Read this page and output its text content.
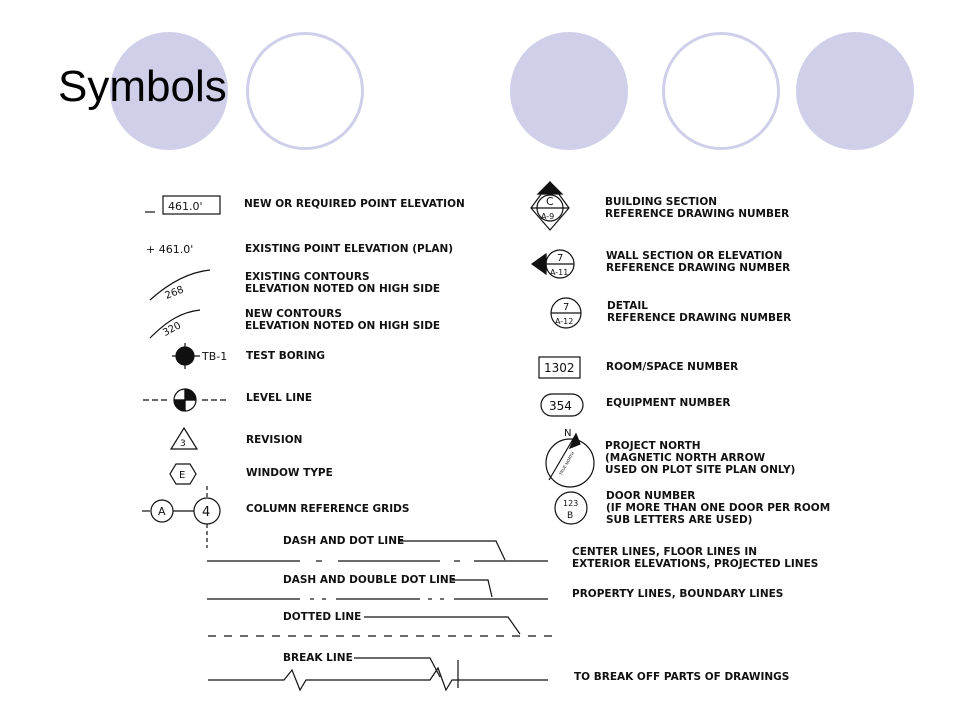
Symbols
461.0'
+ 461.0'
268
320
TB-1
3
E
A	4
C
A-9
7
A-11
7
A-12
1302
354
N
TRUE NORTH
123
B
NEW OR REQUIRED POINT ELEVATION
EXISTING POINT ELEVATION (PLAN)
EXISTING CONTOURS
ELEVATION NOTED ON HIGH SIDE
NEW CONTOURS
ELEVATION NOTED ON HIGH SIDE
TEST BORING
LEVEL LINE
REVISION
WINDOW TYPE
COLUMN REFERENCE GRIDS
BUILDING SECTION
REFERENCE DRAWING NUMBER
WALL SECTION OR ELEVATION
REFERENCE DRAWING NUMBER
DETAIL
REFERENCE DRAWING NUMBER
ROOM/SPACE NUMBER
EQUIPMENT NUMBER
PROJECT NORTH
(MAGNETIC NORTH ARROW
USED ON PLOT SITE PLAN ONLY)
DOOR NUMBER
(IF MORE THAN ONE DOOR PER ROOM
SUB LETTERS ARE USED)
DASH AND DOT LINE
CENTER LINES, FLOOR LINES IN
EXTERIOR ELEVATIONS, PROJECTED LINES
DASH AND DOUBLE DOT LINE
PROPERTY LINES, BOUNDARY LINES
DOTTED LINE
BREAK LINE
TO BREAK OFF PARTS OF DRAWINGS
